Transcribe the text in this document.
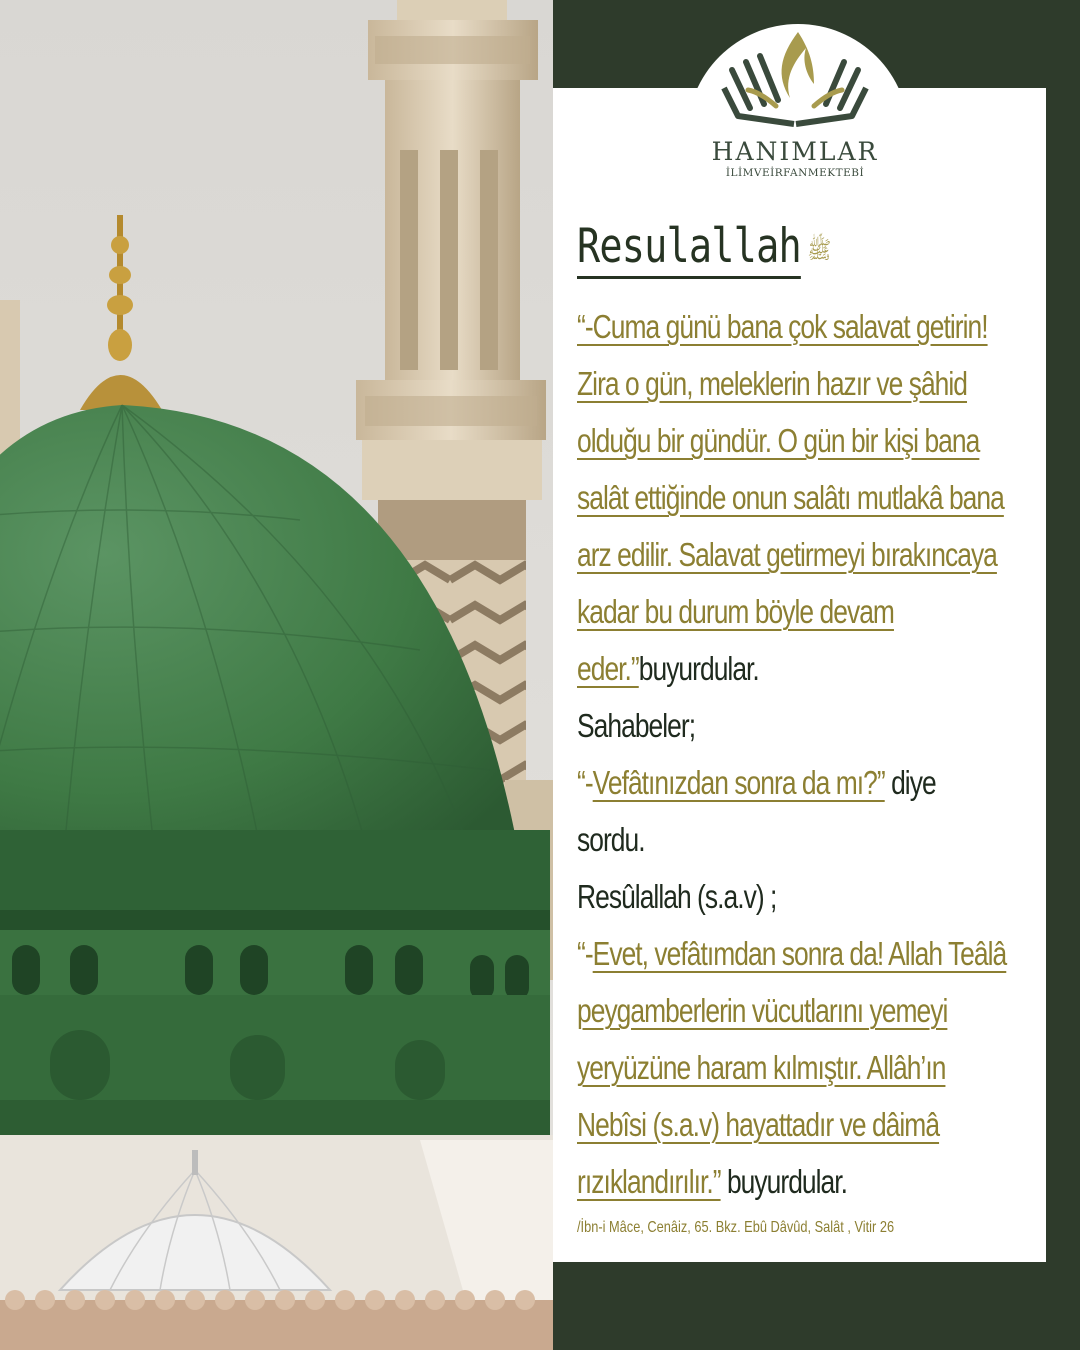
HANIMLAR
İLİMVEİRFANMEKTEBİ
Resulallah ﷺ
“-Cuma günü bana çok salavat getirin! Zira o gün, meleklerin hazır ve şâhid olduğu bir gündür. O gün bir kişi bana salât ettiğinde onun salâtı mutlakâ bana arz edilir. Salavat getirmeyi bırakıncaya kadar bu durum böyle devam eder.”buyurdular.
Sahabeler;
“-Vefâtınızdan sonra da mı?” diye sordu.
Resûlallah (s.a.v) ;
“-Evet, vefâtımdan sonra da! Allah Teâlâ peygamberlerin vücutlarını yemeyi yeryüzüne haram kılmıştır. Allâh’ın Nebîsi (s.a.v) hayattadır ve dâimâ rızıklandırılır.” buyurdular.
/İbn-i Mâce, Cenâiz, 65. Bkz. Ebû Dâvûd, Salât , Vitir 26
